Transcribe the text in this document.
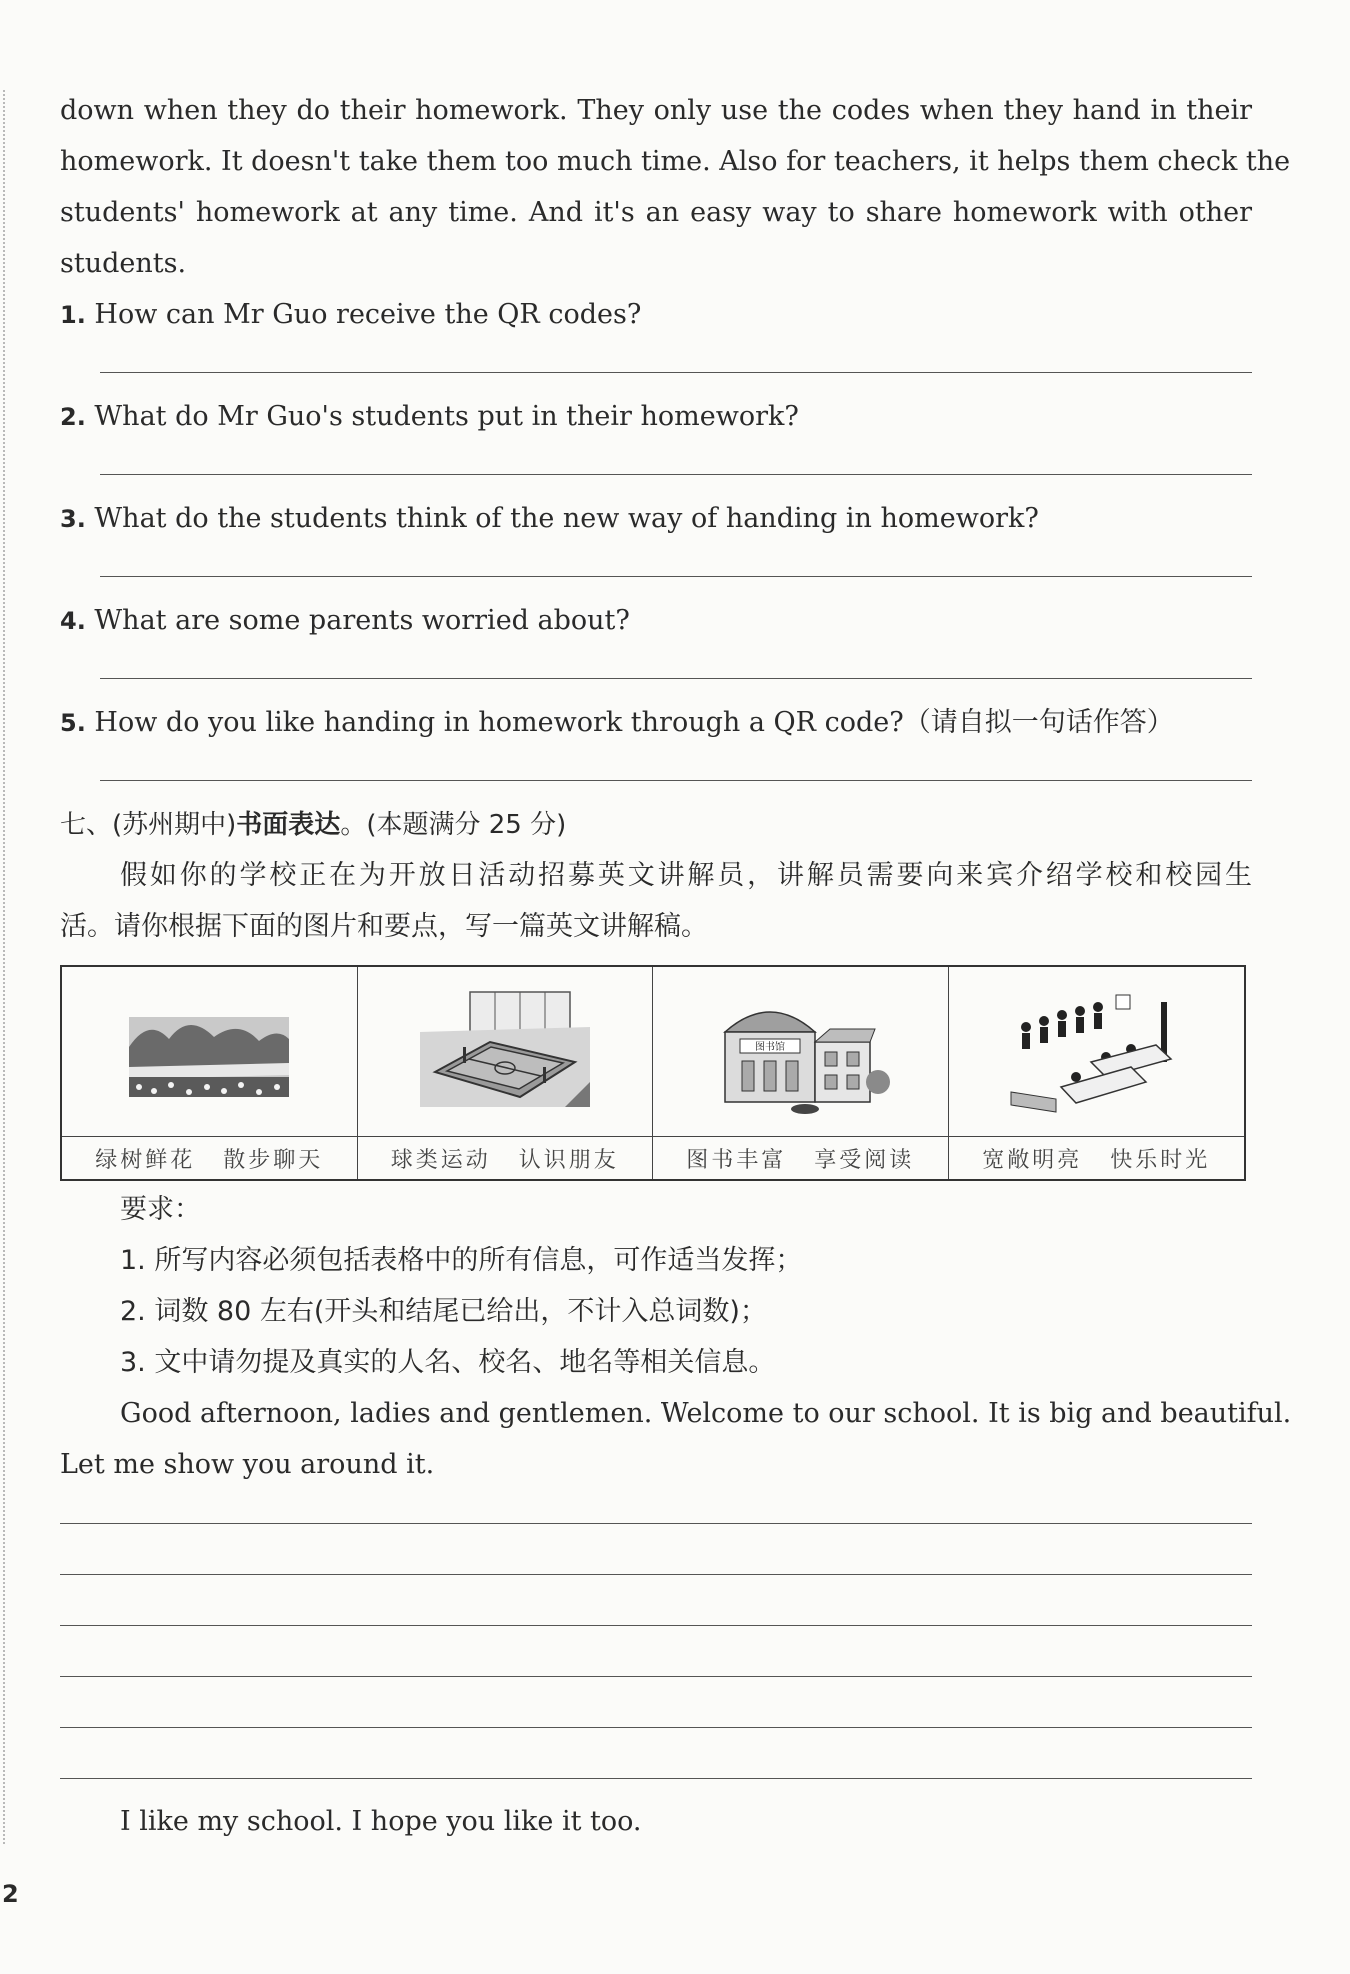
down when they do their homework. They only use the codes when they hand in their
homework. It doesn't take them too much time. Also for teachers, it helps them check the
students' homework at any time. And it's an easy way to share homework with other
students.
1. How can Mr Guo receive the QR codes?
2. What do Mr Guo's students put in their homework?
3. What do the students think of the new way of handing in homework?
4. What are some parents worried about?
5. How do you like handing in homework through a QR code?（请自拟一句话作答）
七、(苏州期中)书面表达。(本题满分 25 分)
假如你的学校正在为开放日活动招募英文讲解员，讲解员需要向来宾介绍学校和校园生
活。请你根据下面的图片和要点，写一篇英文讲解稿。
绿树鲜花 散步聊天	球类运动 认识朋友
图书馆
图书丰富 享受阅读	宽敞明亮 快乐时光
要求：
1. 所写内容必须包括表格中的所有信息，可作适当发挥；
2. 词数 80 左右(开头和结尾已给出，不计入总词数)；
3. 文中请勿提及真实的人名、校名、地名等相关信息。
Good afternoon, ladies and gentlemen. Welcome to our school. It is big and beautiful.
Let me show you around it.
I like my school. I hope you like it too.
2
